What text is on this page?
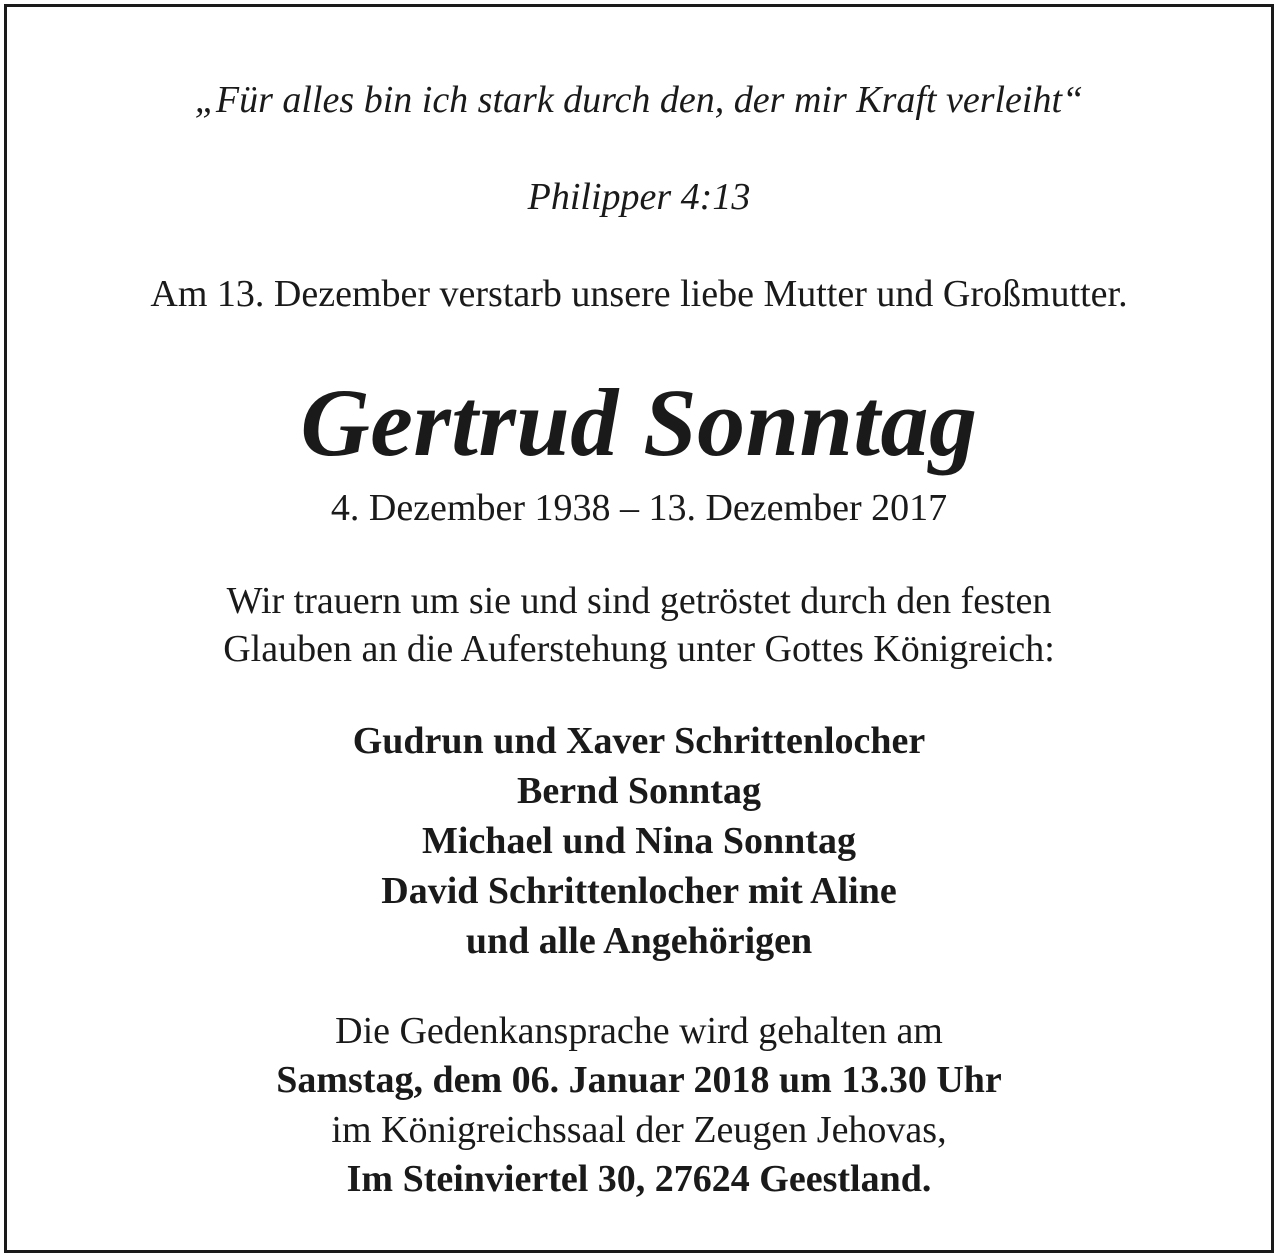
„Für alles bin ich stark durch den, der mir Kraft verleiht“
Philipper 4:13
Am 13. Dezember verstarb unsere liebe Mutter und Großmutter.
Gertrud Sonntag
4. Dezember 1938 – 13. Dezember 2017
Wir trauern um sie und sind getröstet durch den festen
Glauben an die Auferstehung unter Gottes Königreich:
Gudrun und Xaver Schrittenlocher
Bernd Sonntag
Michael und Nina Sonntag
David Schrittenlocher mit Aline
und alle Angehörigen
Die Gedenkansprache wird gehalten am
Samstag, dem 06. Januar 2018 um 13.30 Uhr
im Königreichssaal der Zeugen Jehovas,
Im Steinviertel 30, 27624 Geestland.
